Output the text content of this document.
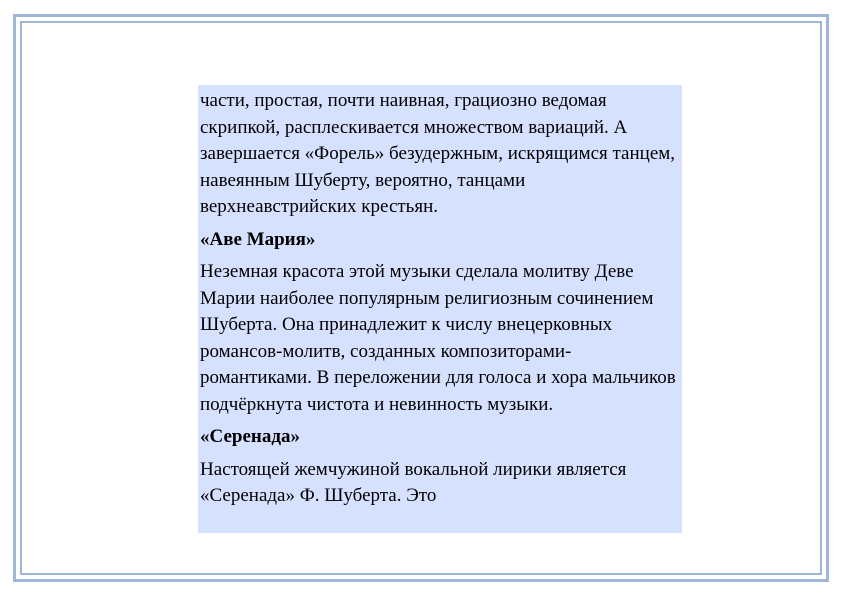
части, простая, почти наивная, грациозно ведомая скрипкой, расплескивается множеством вариаций. А завершается «Форель» безудержным, искрящимся танцем, навеянным Шуберту, вероятно, танцами верхнеавстрийских крестьян.

«Аве Мария»

Неземная красота этой музыки сделала молитву Деве Марии наиболее популярным религиозным сочинением Шуберта. Она принадлежит к числу внецерковных романсов-молитв, созданных композиторами-романтиками. В переложении для голоса и хора мальчиков подчёркнута чистота и невинность музыки.

«Серенада»

Настоящей жемчужиной вокальной лирики является «Серенада» Ф. Шуберта. Это
